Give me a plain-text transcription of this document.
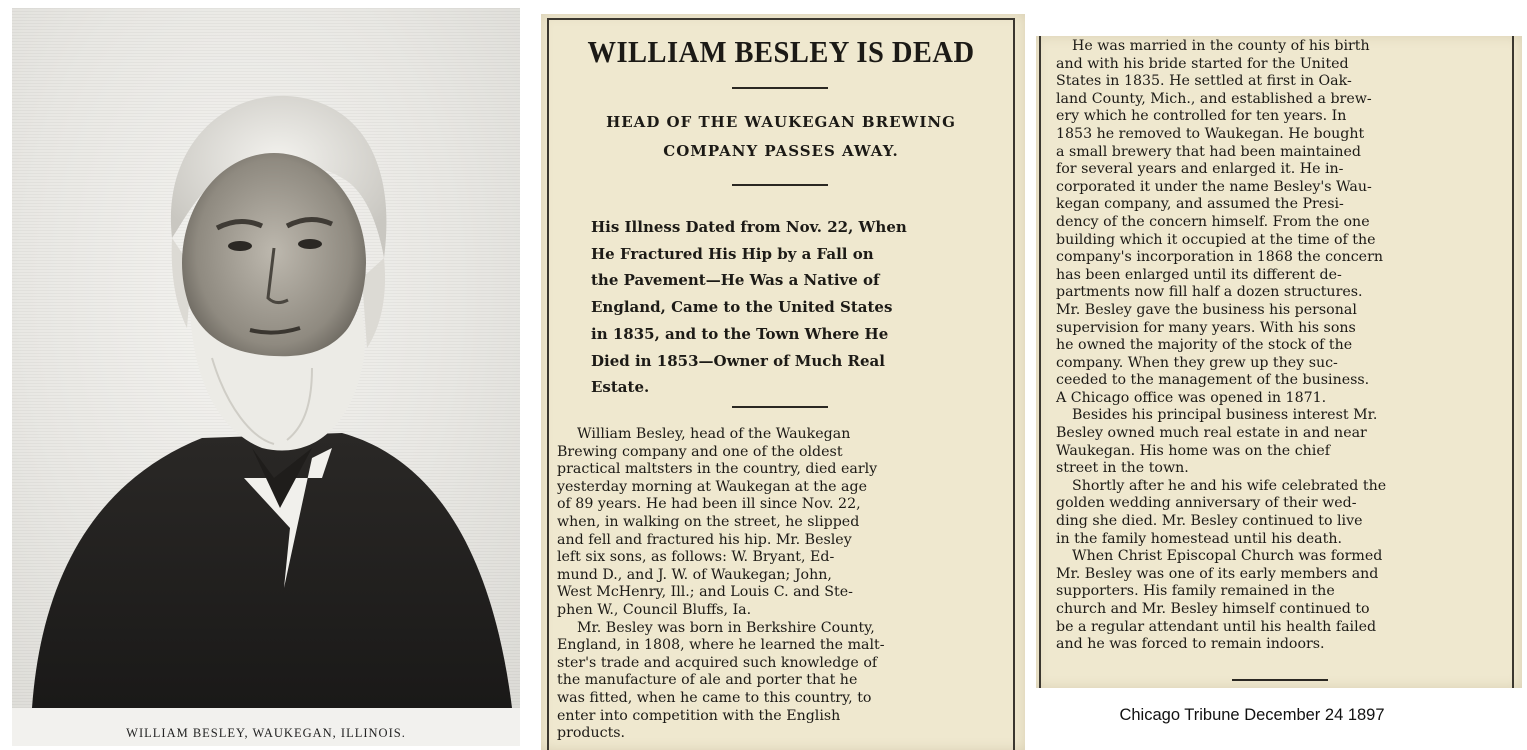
WILLIAM BESLEY, WAUKEGAN, ILLINOIS.
WILLIAM BESLEY IS DEAD
HEAD OF THE WAUKEGAN BREWING
COMPANY PASSES AWAY.
His Illness Dated from Nov. 22, When
He Fractured His Hip by a Fall on
the Pavement—He Was a Native of
England, Came to the United States
in 1835, and to the Town Where He
Died in 1853—Owner of Much Real
Estate.
William Besley, head of the Waukegan
Brewing company and one of the oldest
practical maltsters in the country, died early
yesterday morning at Waukegan at the age
of 89 years. He had been ill since Nov. 22,
when, in walking on the street, he slipped
and fell and fractured his hip. Mr. Besley
left six sons, as follows: W. Bryant, Ed-
mund D., and J. W. of Waukegan; John,
West McHenry, Ill.; and Louis C. and Ste-
phen W., Council Bluffs, Ia.
Mr. Besley was born in Berkshire County,
England, in 1808, where he learned the malt-
ster's trade and acquired such knowledge of
the manufacture of ale and porter that he
was fitted, when he came to this country, to
enter into competition with the English
products.
He was married in the county of his birth
and with his bride started for the United
States in 1835. He settled at first in Oak-
land County, Mich., and established a brew-
ery which he controlled for ten years. In
1853 he removed to Waukegan. He bought
a small brewery that had been maintained
for several years and enlarged it. He in-
corporated it under the name Besley's Wau-
kegan company, and assumed the Presi-
dency of the concern himself. From the one
building which it occupied at the time of the
company's incorporation in 1868 the concern
has been enlarged until its different de-
partments now fill half a dozen structures.
Mr. Besley gave the business his personal
supervision for many years. With his sons
he owned the majority of the stock of the
company. When they grew up they suc-
ceeded to the management of the business.
A Chicago office was opened in 1871.
Besides his principal business interest Mr.
Besley owned much real estate in and near
Waukegan. His home was on the chief
street in the town.
Shortly after he and his wife celebrated the
golden wedding anniversary of their wed-
ding she died. Mr. Besley continued to live
in the family homestead until his death.
When Christ Episcopal Church was formed
Mr. Besley was one of its early members and
supporters. His family remained in the
church and Mr. Besley himself continued to
be a regular attendant until his health failed
and he was forced to remain indoors.
Chicago Tribune December 24 1897
